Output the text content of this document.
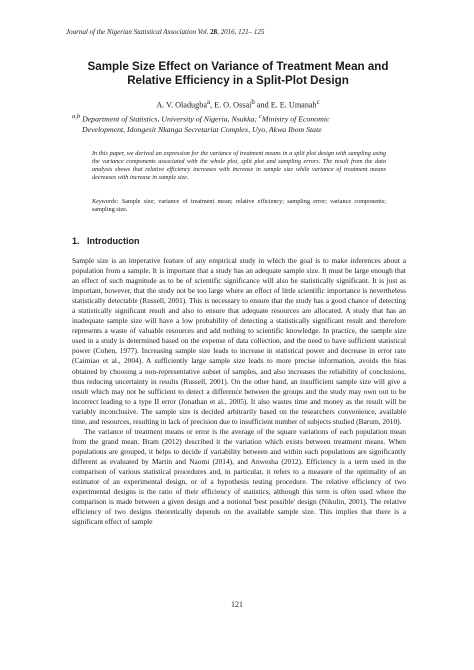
Journal of the Nigerian Statistical Association Vol. 28, 2016, 121– 125
Sample Size Effect on Variance of Treatment Mean and
Relative Efficiency in a Split-Plot Design
A. V. Oladugba$^a$, E. O. Ossai$^b$ and E. E. Umanah$^c$
$^{a,b}$ Department of Statistics, University of Nigeria, Nsukka; $^c$Ministry of Economic
Development, Idongesit Nkanga Secretariat Complex, Uyo, Akwa Ibom State
In this paper, we derived an expression for the variance of treatment means in a split plot design with sampling using the variance components associated with the whole plot, split plot and sampling errors. The result from the data analysis shows that relative efficiency increases with increase in sample size while variance of treatment means decreases with increase in sample size.
Keywords: Sample size; variance of treatment mean; relative efficiency; sampling error; variance components; sampling size.
1. Introduction

Sample size is an imperative feature of any empirical study in which the goal is to make inferences about a population from a sample. It is important that a study has an adequate sample size. It must be large enough that an effect of such magnitude as to be of scientific significance will also be statistically significant. It is just as important, however, that the study not be too large where an effect of little scientific importance is nevertheless statistically detectable (Russell, 2001). This is necessary to ensure that the study has a good chance of detecting a statistically significant result and also to ensure that adequate resources are allocated. A study that has an inadequate sample size will have a low probability of detecting a statistically significant result and therefore represents a waste of valuable resources and add nothing to scientific knowledge. In practice, the sample size used in a study is determined based on the expense of data collection, and the need to have sufficient statistical power (Cohen, 1977). Increasing sample size leads to increase in statistical power and decrease in error rate (Caimiao et al., 2004). A sufficiently large sample size leads to more precise information, avoids the bias obtained by choosing a non-representative subset of samples, and also increases the reliability of conclusions, thus reducing uncertainty in results (Russell, 2001). On the other hand, an insufficient sample size will give a result which may not be sufficient to detect a difference between the groups and the study may own out to be incorrect leading to a type II error (Jonathan et al., 2005). It also wastes time and money as the result will be variably inconclusive. The sample size is decided arbitrarily based on the researchers convenience, available time, and resources, resulting in lack of precision due to insufficient number of subjects studied (Barum, 2010).

The variance of treatment means or error is the average of the square variations of each population mean from the grand mean. Bram (2012) described it the variation which exists between treatment means. When populations are grouped, it helps to decide if variability between and within each populations are significantly different as evaluated by Martin and Naomi (2014), and Anwesha (2012). Efficiency is a term used in the comparison of various statistical procedures and, in particular, it refers to a measure of the optimality of an estimator of an experimental design, or of a hypothesis testing procedure. The relative efficiency of two experimental designs is the ratio of their efficiency of statistics, although this term is often used where the comparison is made between a given design and a notional 'best possible' design (Nikulin, 2001). The relative efficiency of two designs theoretically depends on the available sample size. This implies that there is a significant effect of sample

121
